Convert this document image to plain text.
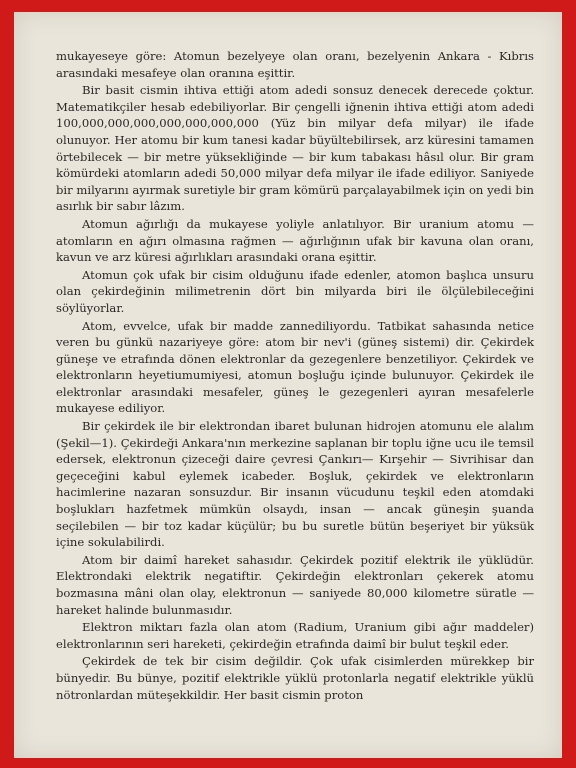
mukayeseye göre: Atomun bezelyeye olan oranı, bezelyenin Ankara - Kıbrıs arasındaki mesafeye olan oranına eşittir.

Bir basit cismin ihtiva ettiği atom adedi sonsuz denecek derecede çoktur. Matematikçiler hesab edebiliyorlar. Bir çengelli iğnenin ihtiva ettiği atom adedi 100,000,000,000,000,000,000,000 (Yüz bin milyar defa milyar) ile ifade olunuyor. Her atomu bir kum tanesi kadar büyültebilirsek, arz küresini tamamen örtebilecek — bir metre yüksekliğinde — bir kum tabakası hâsıl olur. Bir gram kömürdeki atomların adedi 50,000 milyar defa milyar ile ifade ediliyor. Saniyede bir milyarını ayırmak suretiyle bir gram kömürü parçalayabilmek için on yedi bin asırlık bir sabır lâzım.

Atomun ağırlığı da mukayese yoliyle anlatılıyor. Bir uranium atomu — atomların en ağırı olmasına rağmen — ağırlığının ufak bir kavuna olan oranı, kavun ve arz küresi ağırlıkları arasındaki orana eşittir.

Atomun çok ufak bir cisim olduğunu ifade edenler, atomon başlıca unsuru olan çekirdeğinin milimetrenin dört bin milyarda biri ile ölçülebileceğini söylüyorlar.

Atom, evvelce, ufak bir madde zannediliyordu. Tatbikat sahasında netice veren bu günkü nazariyeye göre: atom bir nev'i (güneş sistemi) dir. Çekirdek güneşe ve etrafında dönen elektronlar da gezegenlere benzetiliyor. Çekirdek ve elektronların heyetiumumiyesi, atomun boşluğu içinde bulunuyor. Çekirdek ile elektronlar arasındaki mesafeler, güneş le gezegenleri ayıran mesafelerle mukayese ediliyor.

Bir çekirdek ile bir elektrondan ibaret bulunan hidrojen atomunu ele alalım (Şekil—1). Çekirdeği Ankara'nın merkezine saplanan bir toplu iğne ucu ile temsil edersek, elektronun çizeceği daire çevresi Çankırı— Kırşehir — Sivrihisar dan geçeceğini kabul eylemek icabeder. Boşluk, çekirdek ve elektronların hacimlerine nazaran sonsuzdur. Bir insanın vücudunu teşkil eden atomdaki boşlukları hazfetmek mümkün olsaydı, insan — ancak güneşin şuanda seçilebilen — bir toz kadar küçülür; bu bu suretle bütün beşeriyet bir yüksük içine sokulabilirdi.

Atom bir daimî hareket sahasıdır. Çekirdek pozitif elektrik ile yüklüdür. Elektrondaki elektrik negatiftir. Çekirdeğin elektronları çekerek atomu bozmasına mâni olan olay, elektronun — saniyede 80,000 kilometre süratle — hareket halinde bulunmasıdır.

Elektron miktarı fazla olan atom (Radium, Uranium gibi ağır maddeler) elektronlarının seri hareketi, çekirdeğin etrafında daimî bir bulut teşkil eder.

Çekirdek de tek bir cisim değildir. Çok ufak cisimlerden mürekkep bir bünyedir. Bu bünye, pozitif elektrikle yüklü protonlarla negatif elektrikle yüklü nötronlardan müteşekkildir. Her basit cismin proton
